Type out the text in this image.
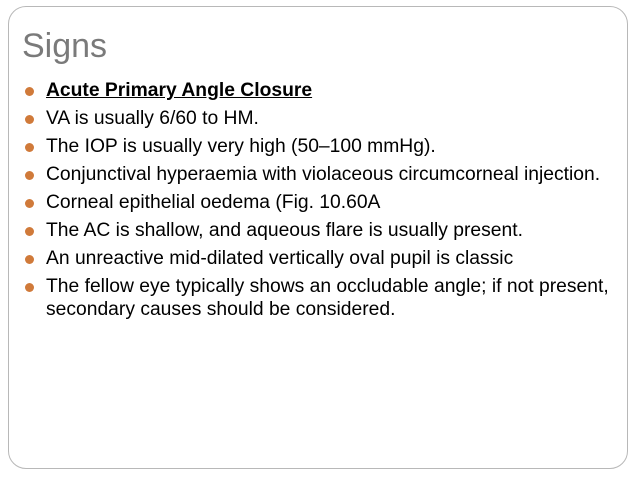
Signs
Acute Primary Angle Closure
VA is usually 6/60 to HM.
The IOP is usually very high (50–100 mmHg).
Conjunctival hyperaemia with violaceous circumcorneal injection.
Corneal epithelial oedema (Fig. 10.60A
The AC is shallow, and aqueous flare is usually present.
An unreactive mid-dilated vertically oval pupil is classic
The fellow eye typically shows an occludable angle; if not present, secondary causes should be considered.
